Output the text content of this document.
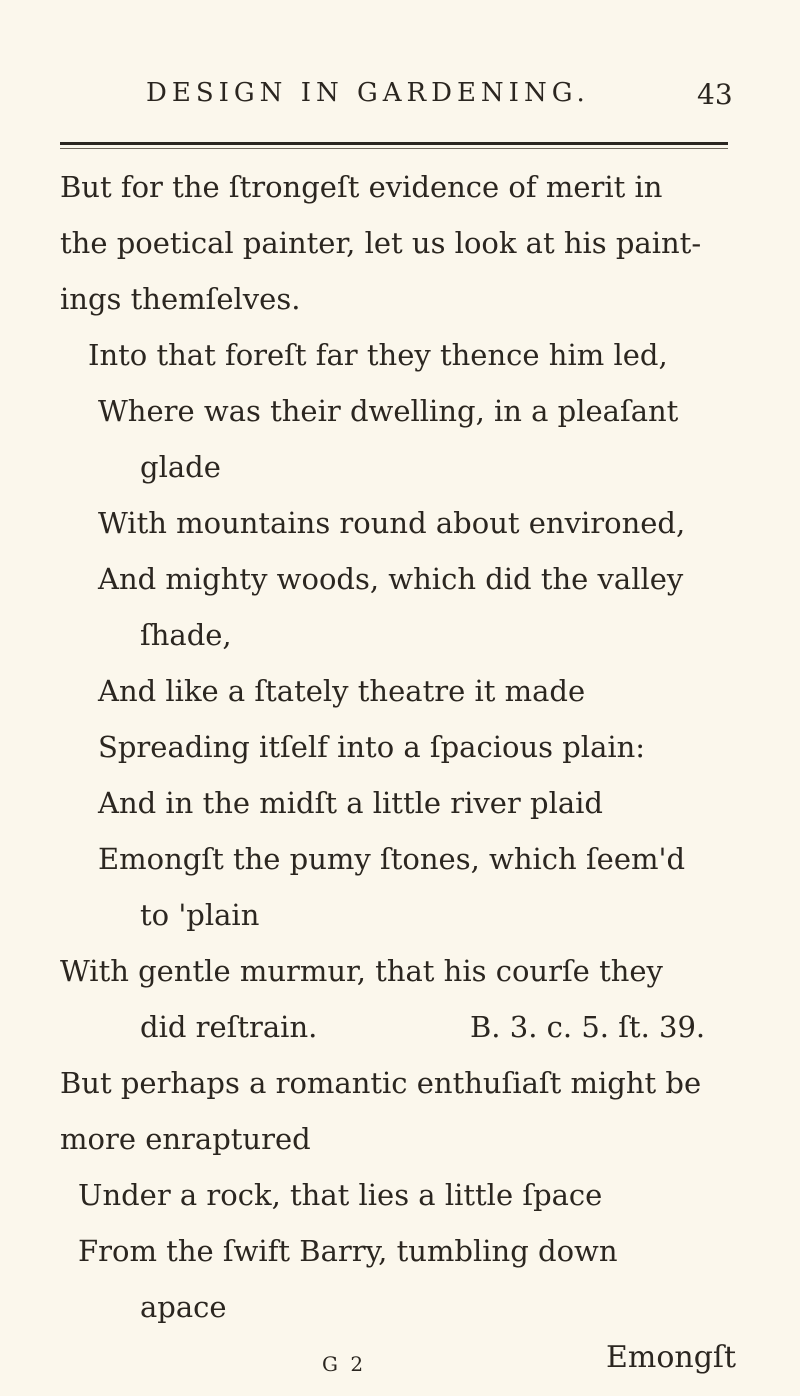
DESIGN IN GARDENING.	43
But for the ſtrongeſt evidence of merit in
the poetical painter, let us look at his paint-
ings themſelves.
Into that foreſt far they thence him led,
Where was their dwelling, in a pleaſant
glade
With mountains round about environed,
And mighty woods, which did the valley
ſhade,
And like a ſtately theatre it made
Spreading itſelf into a ſpacious plain:
And in the midſt a little river plaid
Emongſt the pumy ſtones, which ſeem'd
to 'plain
With gentle murmur, that his courſe they
did reſtrain.	B. 3. c. 5. ſt. 39.
But perhaps a romantic enthuſiaſt might be
more enraptured
Under a rock, that lies a little ſpace
From the ſwift Barry, tumbling down
apace
G 2	Emongſt
